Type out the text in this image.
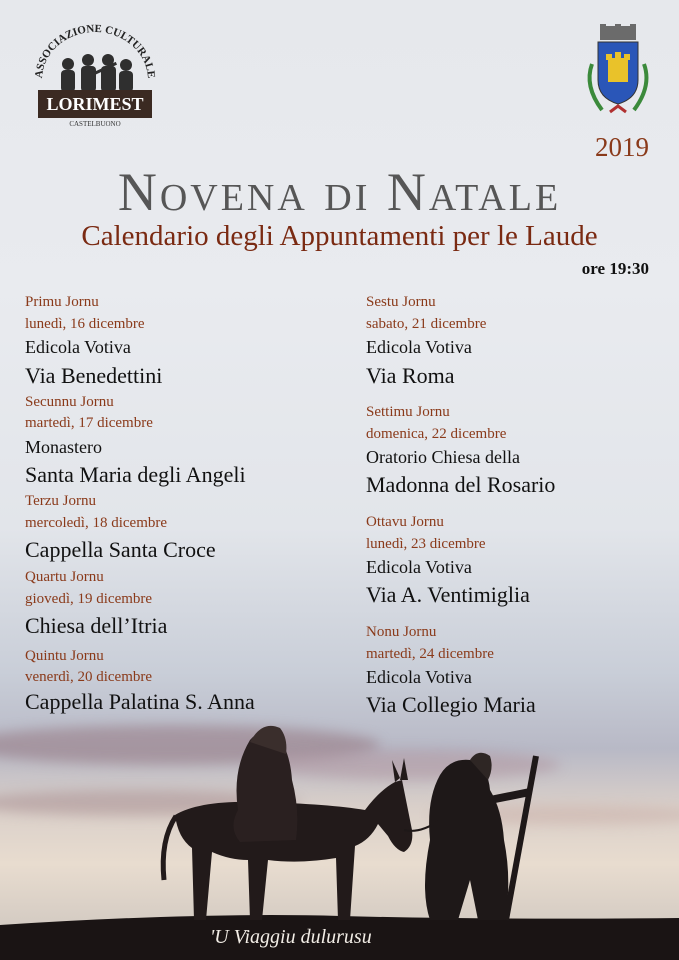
ASSOCIAZIONE CULTURALE
LORIMEST
CASTELBUONO
2019
Novena di Natale
Calendario degli Appuntamenti per le Laude
ore 19:30
Primu Jornu
lunedì, 16 dicembre
Edicola Votiva
Via Benedettini
Secunnu Jornu
martedì, 17 dicembre
Monastero
Santa Maria degli Angeli
Terzu Jornu
mercoledì, 18 dicembre
Cappella Santa Croce
Quartu Jornu
giovedì, 19 dicembre
Chiesa dell’Itria
Quintu Jornu
venerdì, 20 dicembre
Cappella Palatina S. Anna
Sestu Jornu
sabato, 21 dicembre
Edicola Votiva
Via Roma
Settimu Jornu
domenica, 22 dicembre
Oratorio Chiesa della
Madonna del Rosario
Ottavu Jornu
lunedì, 23 dicembre
Edicola Votiva
Via A. Ventimiglia
Nonu Jornu
martedì, 24 dicembre
Edicola Votiva
Via Collegio Maria
'U Viaggiu dulurusu
